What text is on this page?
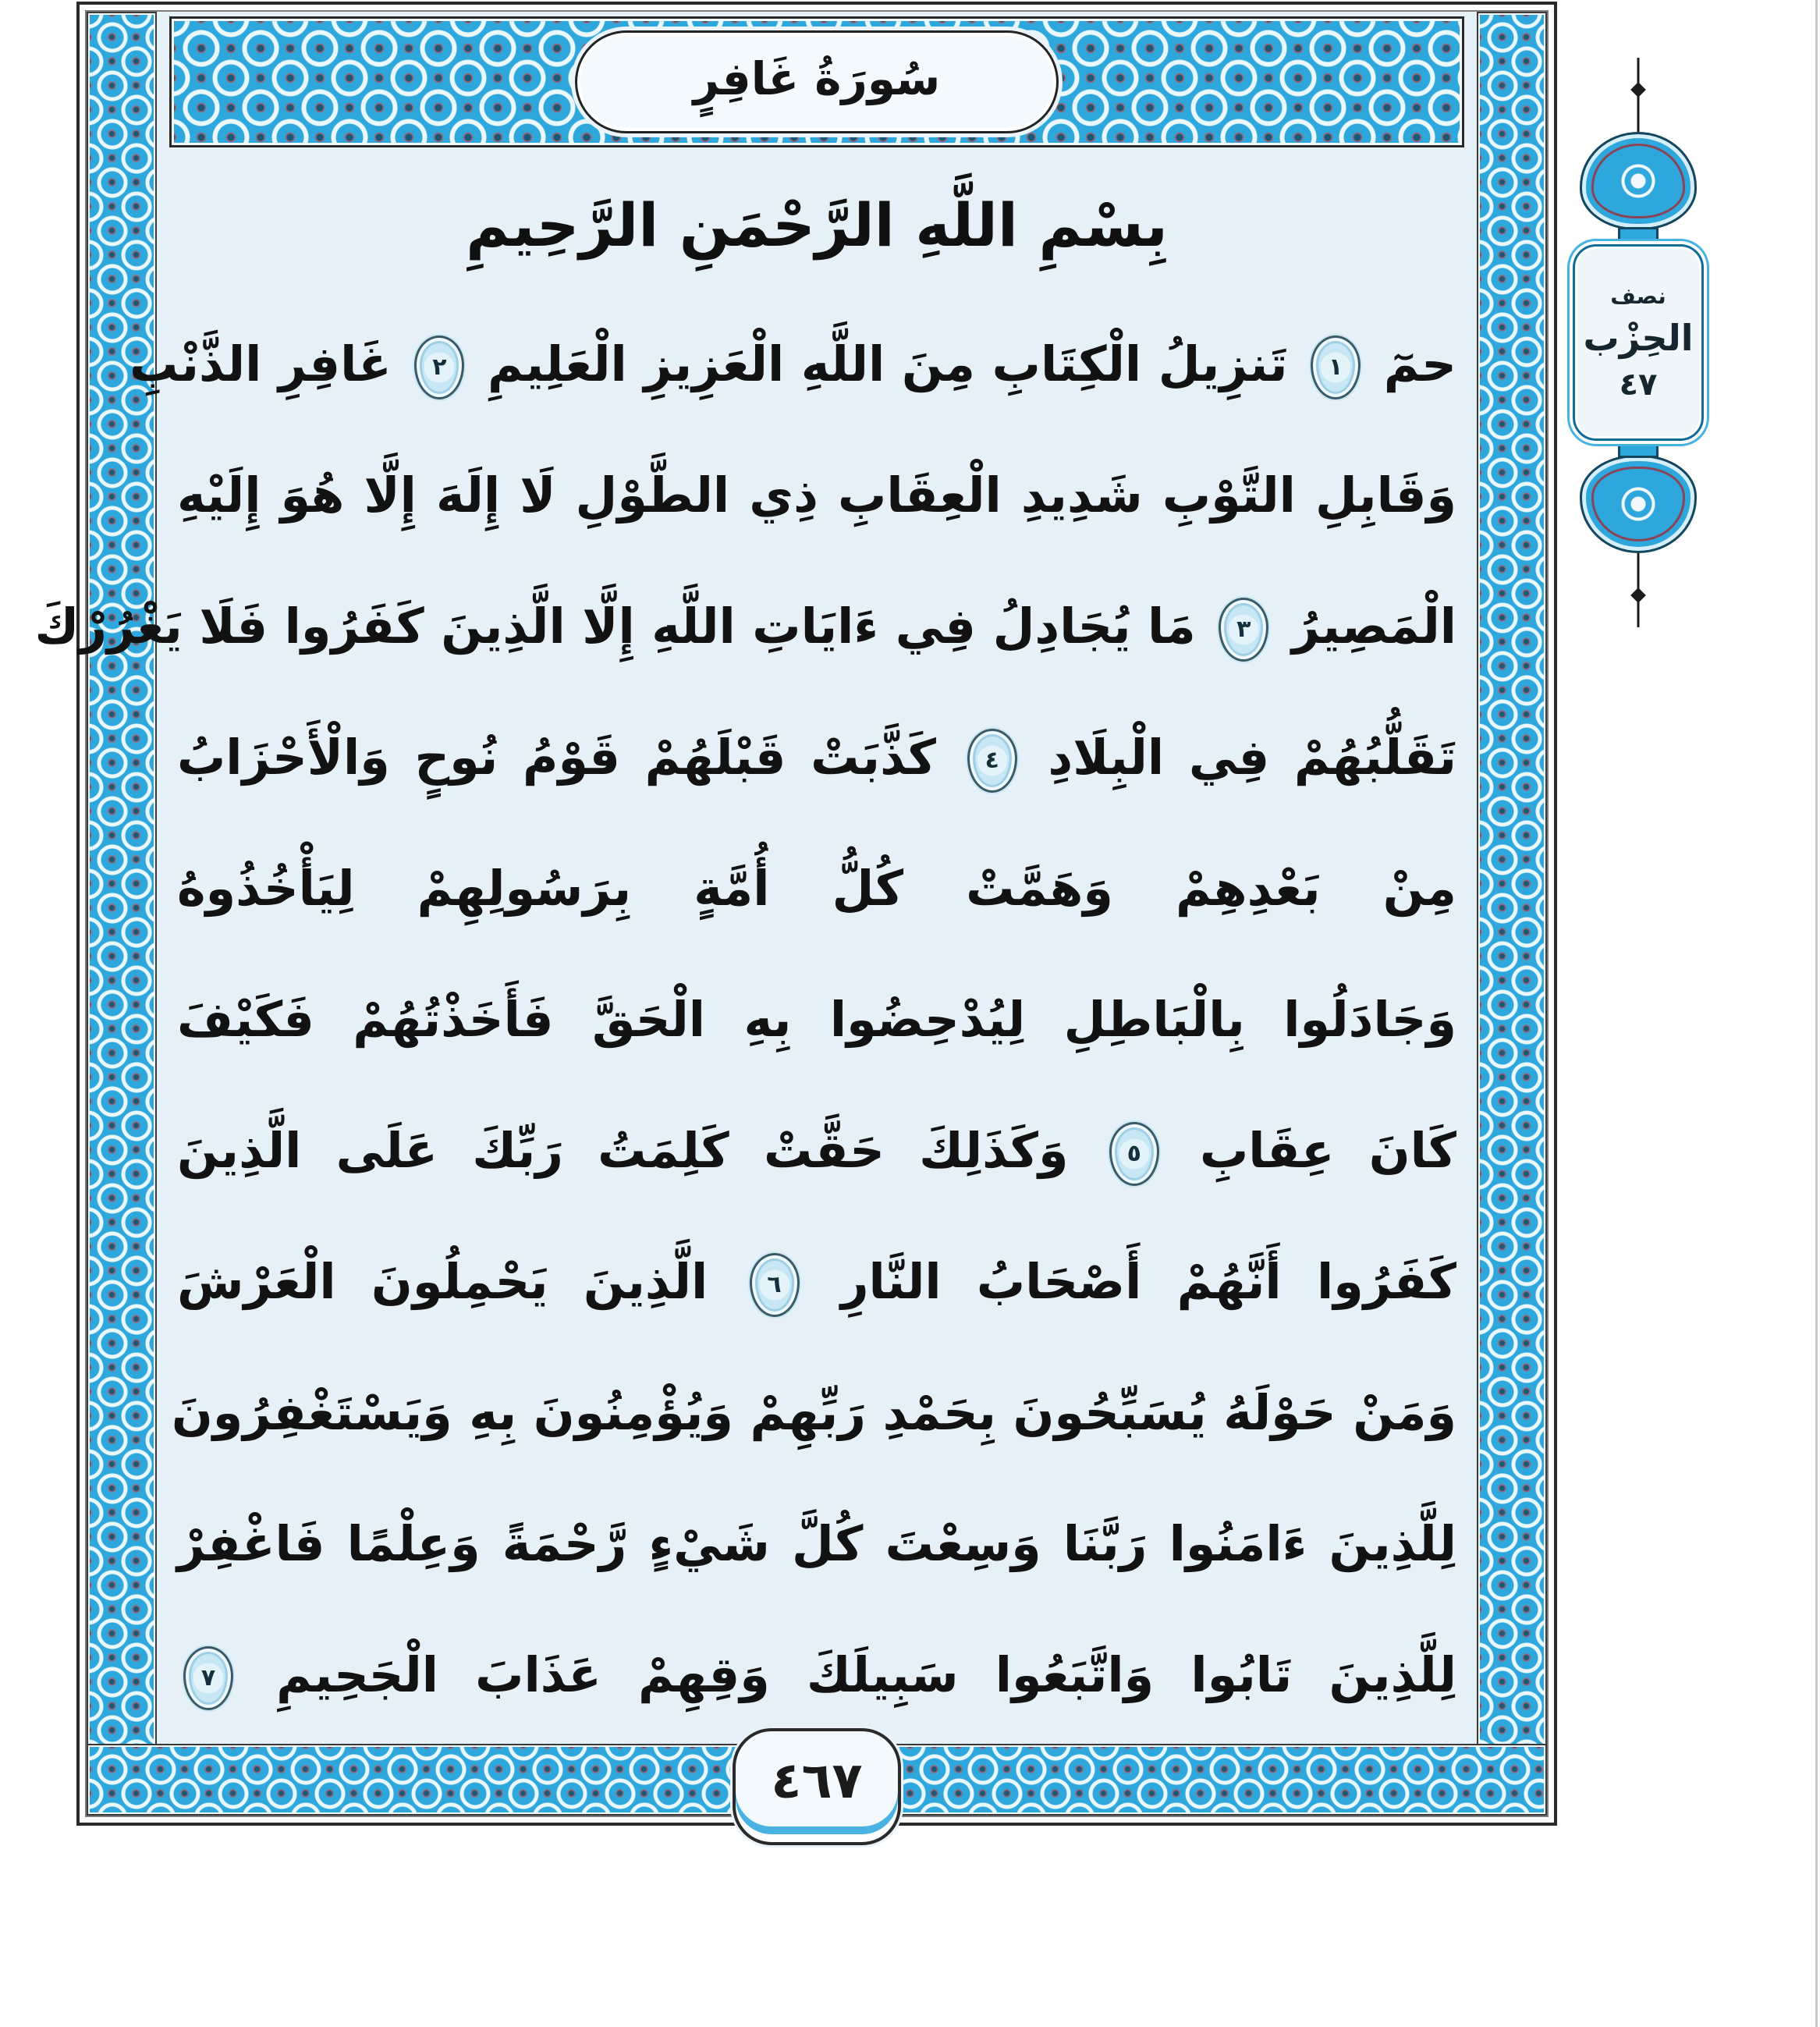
سُورَةُ غَافِرٍ
بِسْمِ اللَّهِ الرَّحْمَنِ الرَّحِيمِ
حمٓ ١ تَنزِيلُ الْكِتَابِ مِنَ اللَّهِ الْعَزِيزِ الْعَلِيمِ ٢ غَافِرِ الذَّنْبِ
وَقَابِلِ التَّوْبِ شَدِيدِ الْعِقَابِ ذِي الطَّوْلِ لَا إِلَهَ إِلَّا هُوَ إِلَيْهِ
الْمَصِيرُ ٣ مَا يُجَادِلُ فِي ءَايَاتِ اللَّهِ إِلَّا الَّذِينَ كَفَرُوا فَلَا يَغْرُرْكَ
تَقَلُّبُهُمْ فِي الْبِلَادِ ٤ كَذَّبَتْ قَبْلَهُمْ قَوْمُ نُوحٍ وَالْأَحْزَابُ
مِنْ بَعْدِهِمْ وَهَمَّتْ كُلُّ أُمَّةٍ بِرَسُولِهِمْ لِيَأْخُذُوهُ
وَجَادَلُوا بِالْبَاطِلِ لِيُدْحِضُوا بِهِ الْحَقَّ فَأَخَذْتُهُمْ فَكَيْفَ
كَانَ عِقَابِ ٥ وَكَذَلِكَ حَقَّتْ كَلِمَتُ رَبِّكَ عَلَى الَّذِينَ
كَفَرُوا أَنَّهُمْ أَصْحَابُ النَّارِ ٦ الَّذِينَ يَحْمِلُونَ الْعَرْشَ
وَمَنْ حَوْلَهُ يُسَبِّحُونَ بِحَمْدِ رَبِّهِمْ وَيُؤْمِنُونَ بِهِ وَيَسْتَغْفِرُونَ
لِلَّذِينَ ءَامَنُوا رَبَّنَا وَسِعْتَ كُلَّ شَيْءٍ رَّحْمَةً وَعِلْمًا فَاغْفِرْ
لِلَّذِينَ تَابُوا وَاتَّبَعُوا سَبِيلَكَ وَقِهِمْ عَذَابَ الْجَحِيمِ ٧
٤٦٧
نصف
الحِزْب
٤٧
